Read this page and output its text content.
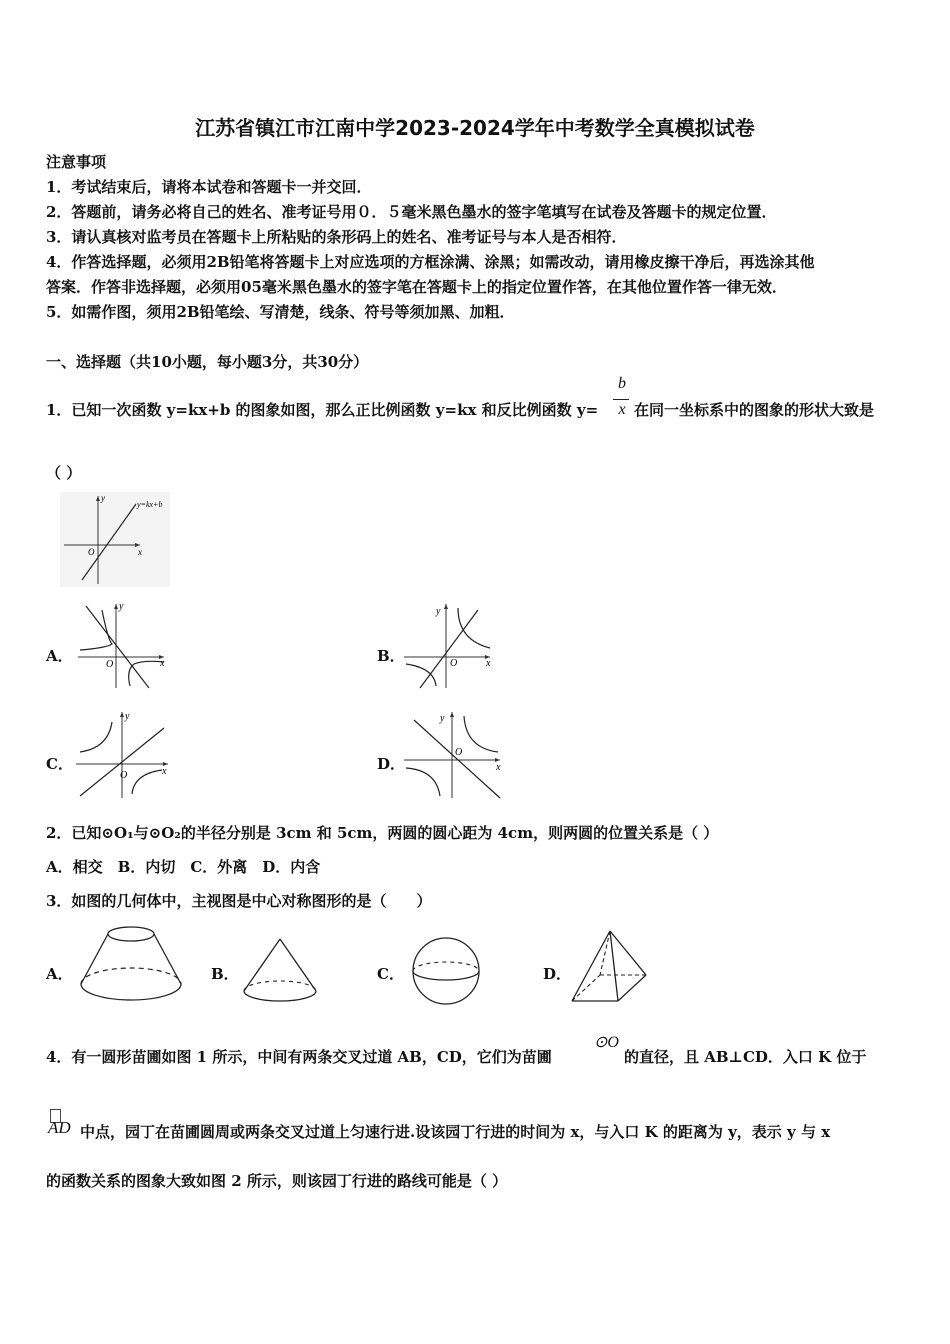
江苏省镇江市江南中学2023-2024学年中考数学全真模拟试卷
注意事项
1．考试结束后，请将本试卷和答题卡一并交回．
2．答题前，请务必将自己的姓名、准考证号用０．５毫米黑色墨水的签字笔填写在试卷及答题卡的规定位置．
3．请认真核对监考员在答题卡上所粘贴的条形码上的姓名、准考证号与本人是否相符．
4．作答选择题，必须用2B铅笔将答题卡上对应选项的方框涂满、涂黑；如需改动，请用橡皮擦干净后，再选涂其他
答案．作答非选择题，必须用05毫米黑色墨水的签字笔在答题卡上的指定位置作答，在其他位置作答一律无效．
5．如需作图，须用2B铅笔绘、写清楚，线条、符号等须加黑、加粗．
一、选择题（共10小题，每小题3分，共30分）
1．已知一次函数 y=kx+b 的图象如图，那么正比例函数 y=kx 和反比例函数 y=
b
x 在同一坐标系中的图象的形状大致是
（ ）
y=kx+b
x
y
O
A．	x
y
O	B．	x
y
O
C．	x
y
O
D．	x
y
O
2．已知⊙O₁与⊙O₂的半径分别是 3cm 和 5cm，两圆的圆心距为 4cm，则两圆的位置关系是（ ）
A．相交　B．内切　C．外离　D．内含
3．如图的几何体中，主视图是中心对称图形的是（　　）
A．	B．	C．	D．
4．有一圆形苗圃如图 1 所示，中间有两条交叉过道 AB，CD，它们为苗圃
⊙O
的直径，且 AB⊥CD．入口 K 位于
AD 中点，园丁在苗圃圆周或两条交叉过道上匀速行进.设该园丁行进的时间为 x，与入口 K 的距离为 y，表示 y 与 x
的函数关系的图象大致如图 2 所示，则该园丁行进的路线可能是（ ）
